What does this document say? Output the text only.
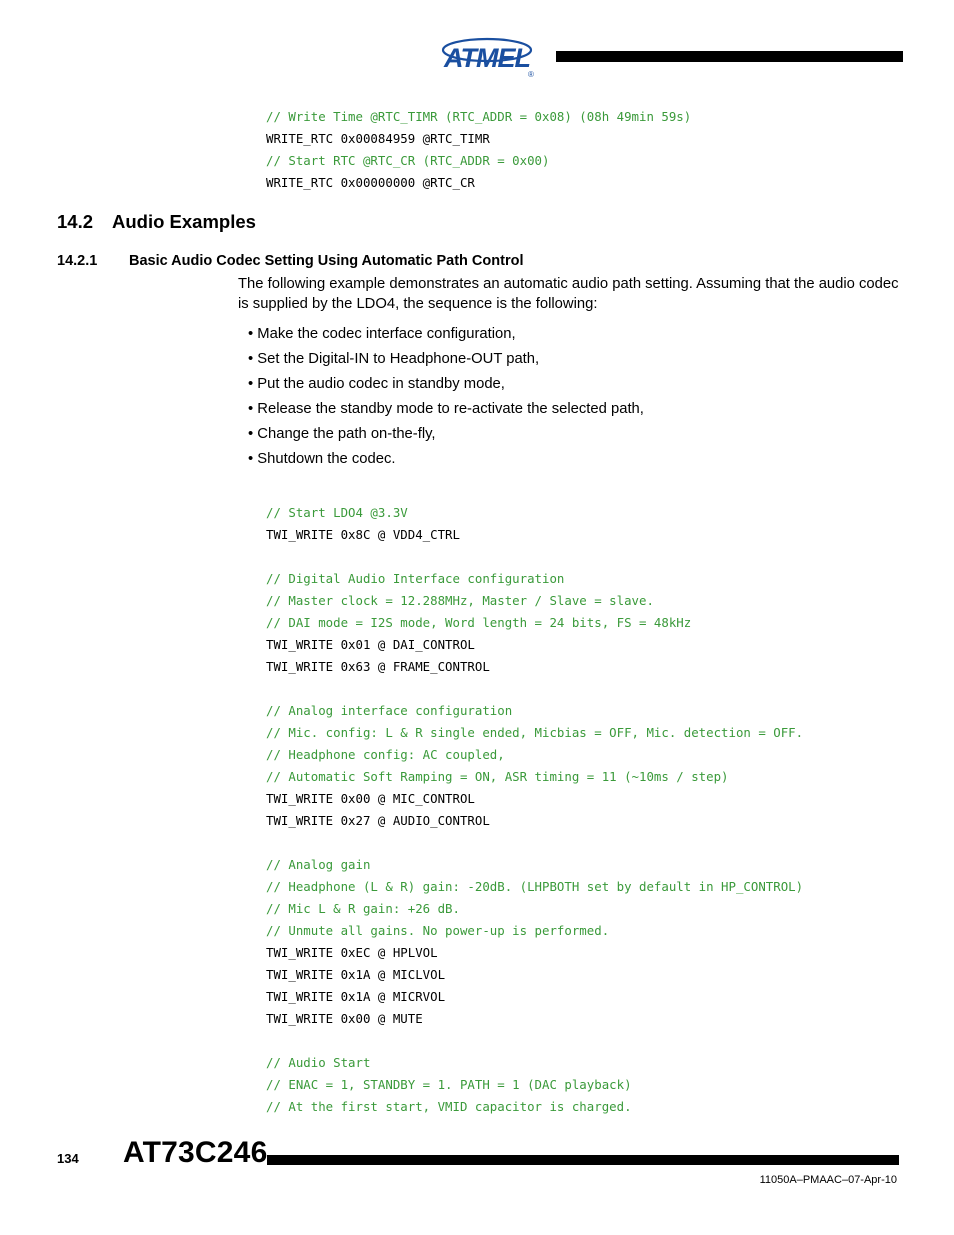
ATMEL
®
// Write Time @RTC_TIMR (RTC_ADDR = 0x08) (08h 49min 59s)
WRITE_RTC 0x00084959 @RTC_TIMR
// Start RTC @RTC_CR (RTC_ADDR = 0x00)
WRITE_RTC 0x00000000 @RTC_CR
14.2 Audio Examples
14.2.1 Basic Audio Codec Setting Using Automatic Path Control
The following example demonstrates an automatic audio path setting. Assuming that the audio codec is supplied by the LDO4, the sequence is the following:
• Make the codec interface configuration,
• Set the Digital-IN to Headphone-OUT path,
• Put the audio codec in standby mode,
• Release the standby mode to re-activate the selected path,
• Change the path on-the-fly,
• Shutdown the codec.
// Start LDO4 @3.3V
TWI_WRITE 0x8C @ VDD4_CTRL
// Digital Audio Interface configuration
// Master clock = 12.288MHz, Master / Slave = slave.
// DAI mode = I2S mode, Word length = 24 bits, FS = 48kHz
TWI_WRITE 0x01 @ DAI_CONTROL
TWI_WRITE 0x63 @ FRAME_CONTROL
// Analog interface configuration
// Mic. config: L & R single ended, Micbias = OFF, Mic. detection = OFF.
// Headphone config: AC coupled,
// Automatic Soft Ramping = ON, ASR timing = 11 (~10ms / step)
TWI_WRITE 0x00 @ MIC_CONTROL
TWI_WRITE 0x27 @ AUDIO_CONTROL
// Analog gain
// Headphone (L & R) gain: -20dB. (LHPBOTH set by default in HP_CONTROL)
// Mic L & R gain: +26 dB.
// Unmute all gains. No power-up is performed.
TWI_WRITE 0xEC @ HPLVOL
TWI_WRITE 0x1A @ MICLVOL
TWI_WRITE 0x1A @ MICRVOL
TWI_WRITE 0x00 @ MUTE
// Audio Start
// ENAC = 1, STANDBY = 1. PATH = 1 (DAC playback)
// At the first start, VMID capacitor is charged.
134 AT73C246
11050A–PMAAC–07-Apr-10
